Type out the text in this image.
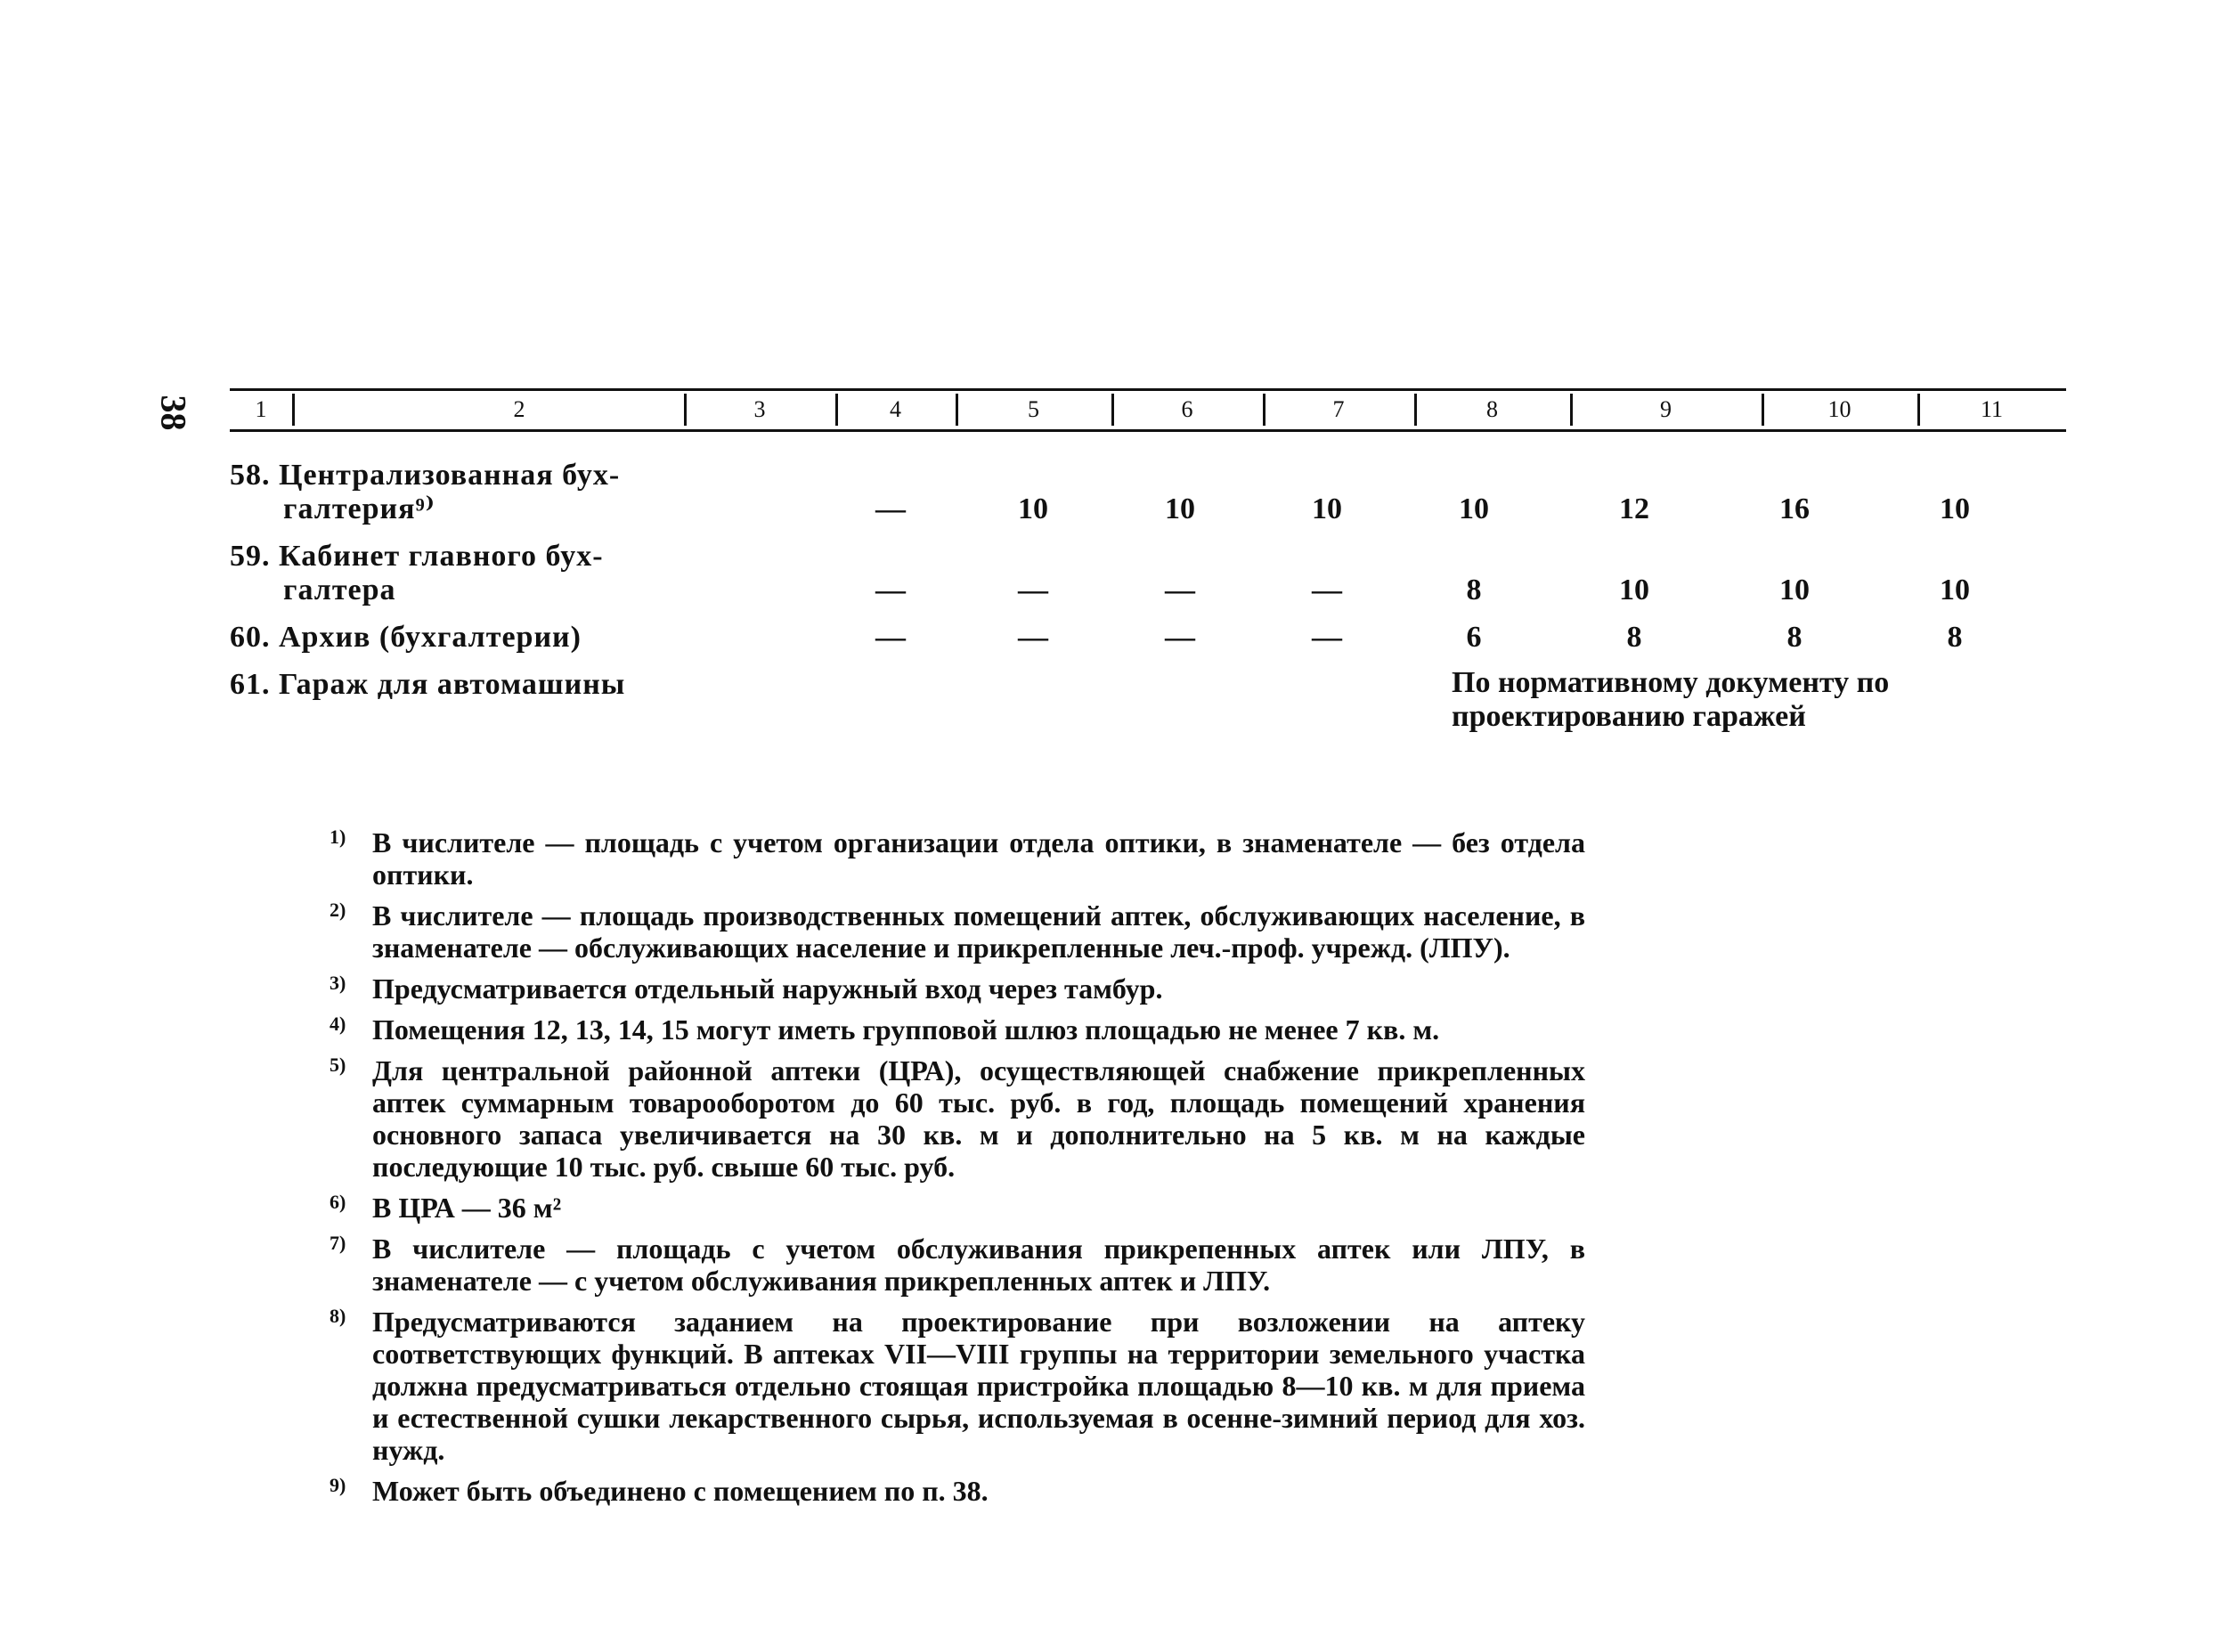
38	1	2	3	4	5	6	7	8	9	10	11
58. Централизованная бух-
галтерия⁹⁾	—	10	10	10	10	12	16	10
59. Кабинет главного бух-
галтера	—	—	—	—	8	10	10	10
60. Архив (бухгалтерии)	—	—	—	—	6	8	8	8
61. Гараж для автомашины	По нормативному документу по проектированию гаражей
1) В числителе — площадь с учетом организации отдела оптики, в знаменателе — без отдела оптики.
2) В числителе — площадь производственных помещений аптек, обслуживающих население, в знаменателе — обслуживающих население и прикрепленные леч.-проф. учрежд. (ЛПУ).
3) Предусматривается отдельный наружный вход через тамбур.
4) Помещения 12, 13, 14, 15 могут иметь групповой шлюз площадью не менее 7 кв. м.
5) Для центральной районной аптеки (ЦРА), осуществляющей снабжение прикрепленных аптек суммарным товарооборотом до 60 тыс. руб. в год, площадь помещений хранения основного запаса увеличивается на 30 кв. м и дополнительно на 5 кв. м на каждые последующие 10 тыс. руб. свыше 60 тыс. руб.
6) В ЦРА — 36 м²
7) В числителе — площадь с учетом обслуживания прикрепенных аптек или ЛПУ, в знаменателе — с учетом обслуживания прикрепленных аптек и ЛПУ.
8) Предусматриваются заданием на проектирование при возложении на аптеку соответствующих функций. В аптеках VII—VIII группы на территории земельного участка должна предусматриваться отдельно стоящая пристройка площадью 8—10 кв. м для приема и естественной сушки лекарственного сырья, используемая в осенне-зимний период для хоз. нужд.
9) Может быть объединено с помещением по п. 38.
